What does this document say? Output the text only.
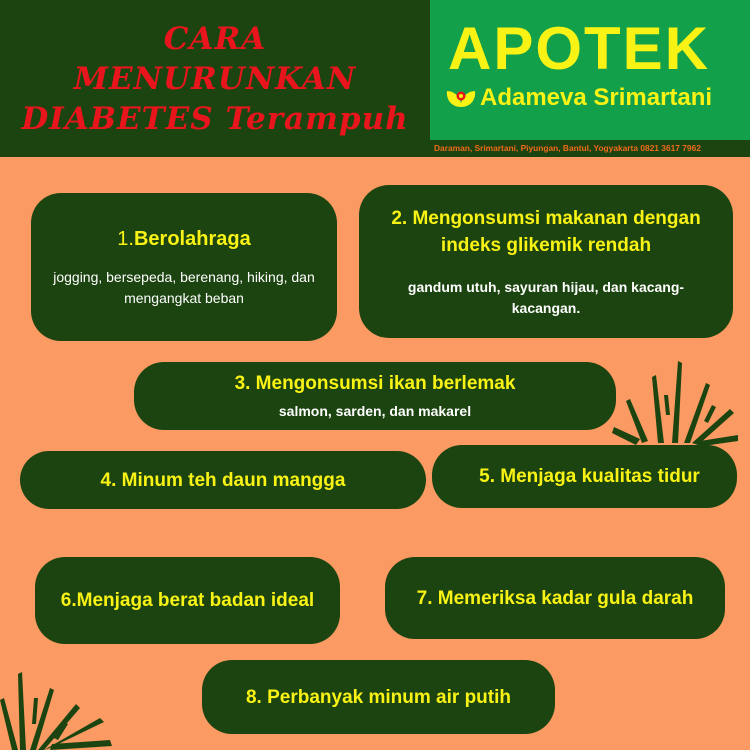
CARA
MENURUNKAN
DIABETES Terampuh
APOTEK
Adameva Srimartani
Daraman, Srimartani, Piyungan, Bantul, Yogyakarta 0821 3617 7962
1.Berolahraga
jogging, bersepeda, berenang, hiking, dan mengangkat beban
2. Mengonsumsi makanan dengan indeks glikemik rendah
gandum utuh, sayuran hijau, dan kacang-kacangan.
3. Mengonsumsi ikan berlemak
salmon, sarden, dan makarel
4. Minum teh daun mangga	5. Menjaga kualitas tidur
6.Menjaga berat badan ideal	7. Memeriksa kadar gula darah
8. Perbanyak minum air putih
